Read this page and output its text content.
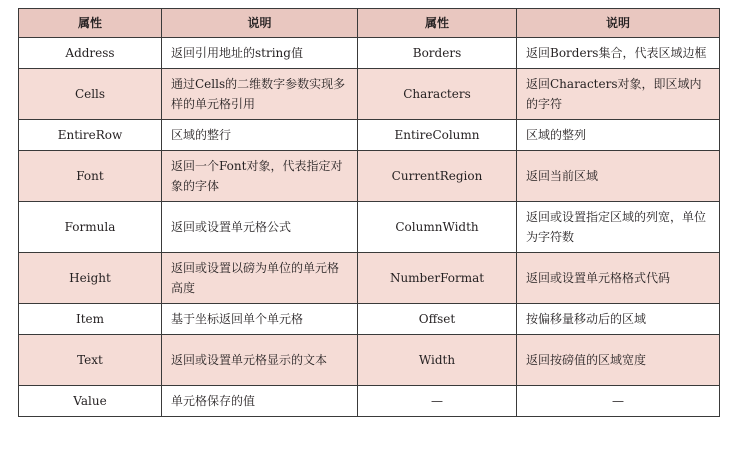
属性	说明	属性	说明
Address	返回引用地址的string值	Borders	返回Borders集合，代表区域边框
Cells	通过Cells的二维数字参数实现多样的单元格引用	Characters	返回Characters对象，即区域内的字符
EntireRow	区域的整行	EntireColumn	区域的整列
Font	返回一个Font对象，代表指定对象的字体	CurrentRegion	返回当前区域
Formula	返回或设置单元格公式	ColumnWidth	返回或设置指定区域的列宽，单位为字符数
Height	返回或设置以磅为单位的单元格高度	NumberFormat	返回或设置单元格格式代码
Item	基于坐标返回单个单元格	Offset	按偏移量移动后的区域
Text	返回或设置单元格显示的文本	Width	返回按磅值的区域宽度
Value	单元格保存的值	—	—
